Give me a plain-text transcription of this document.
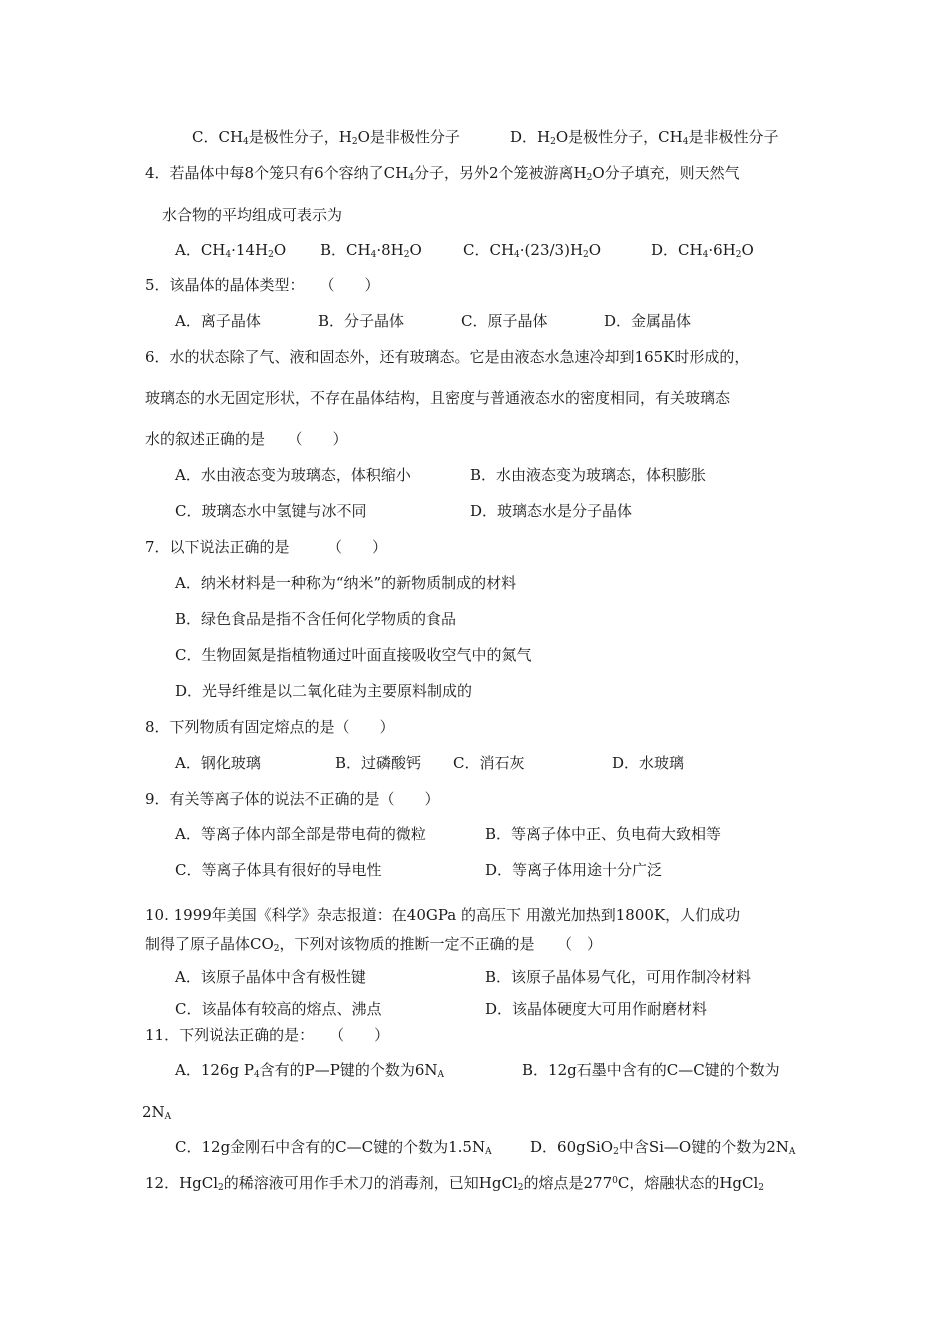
C．$CH_4$是极性分子，$H_2O$是非极性分子	D．$H_2O$是极性分子，$CH_4$是非极性分子
4．若晶体中每8个笼只有6个容纳了$CH_4$分子，另外2个笼被游离$H_2O$分子填充，则天然气
水合物的平均组成可表示为
A．$CH_4\cdot 14H_2O$ B．$CH_4\cdot 8H_2O$	C．$CH_4\cdot(23/3)H_2O$	D．$CH_4\cdot 6H_2O$
5．该晶体的晶体类型：　　（　　）
A．离子晶体	B．分子晶体	C．原子晶体	D．金属晶体
6．水的状态除了气、液和固态外，还有玻璃态。它是由液态水急速冷却到165K时形成的，
玻璃态的水无固定形状，不存在晶体结构，且密度与普通液态水的密度相同，有关玻璃态
水的叙述正确的是　　（　　）
A．水由液态变为玻璃态，体积缩小	B．水由液态变为玻璃态，体积膨胀
C．玻璃态水中氢键与冰不同	D．玻璃态水是分子晶体
7．以下说法正确的是　　　（　　）
A．纳米材料是一种称为“纳米”的新物质制成的材料
B．绿色食品是指不含任何化学物质的食品
C．生物固氮是指植物通过叶面直接吸收空气中的氮气
D．光导纤维是以二氧化硅为主要原料制成的
8．下列物质有固定熔点的是（　　）
A．钢化玻璃	B．过磷酸钙 C．消石灰	D．水玻璃
9．有关等离子体的说法不正确的是（　　）
A．等离子体内部全部是带电荷的微粒	B．等离子体中正、负电荷大致相等
C．等离子体具有很好的导电性	D．等离子体用途十分广泛
10. 1999年美国《科学》杂志报道：在40GPa 的高压下 用激光加热到1800K，人们成功
制得了原子晶体$CO_2$，下列对该物质的推断一定不正确的是　　（　）
A．该原子晶体中含有极性键	B．该原子晶体易气化，可用作制冷材料
C．该晶体有较高的熔点、沸点	D．该晶体硬度大可用作耐磨材料
11．下列说法正确的是：　　（　　）
A．126g $P_4$含有的P—P键的个数为$6N_A$	B．12g石墨中含有的C—C键的个数为
$2N_A$
C．12g金刚石中含有的C—C键的个数为$1.5N_A$	D．60gSiO$_2$中含Si—O键的个数为$2N_A$
12．HgCl$_2$的稀溶液可用作手术刀的消毒剂，已知HgCl$_2$的熔点是$277^0C$，熔融状态的HgCl$_2$
